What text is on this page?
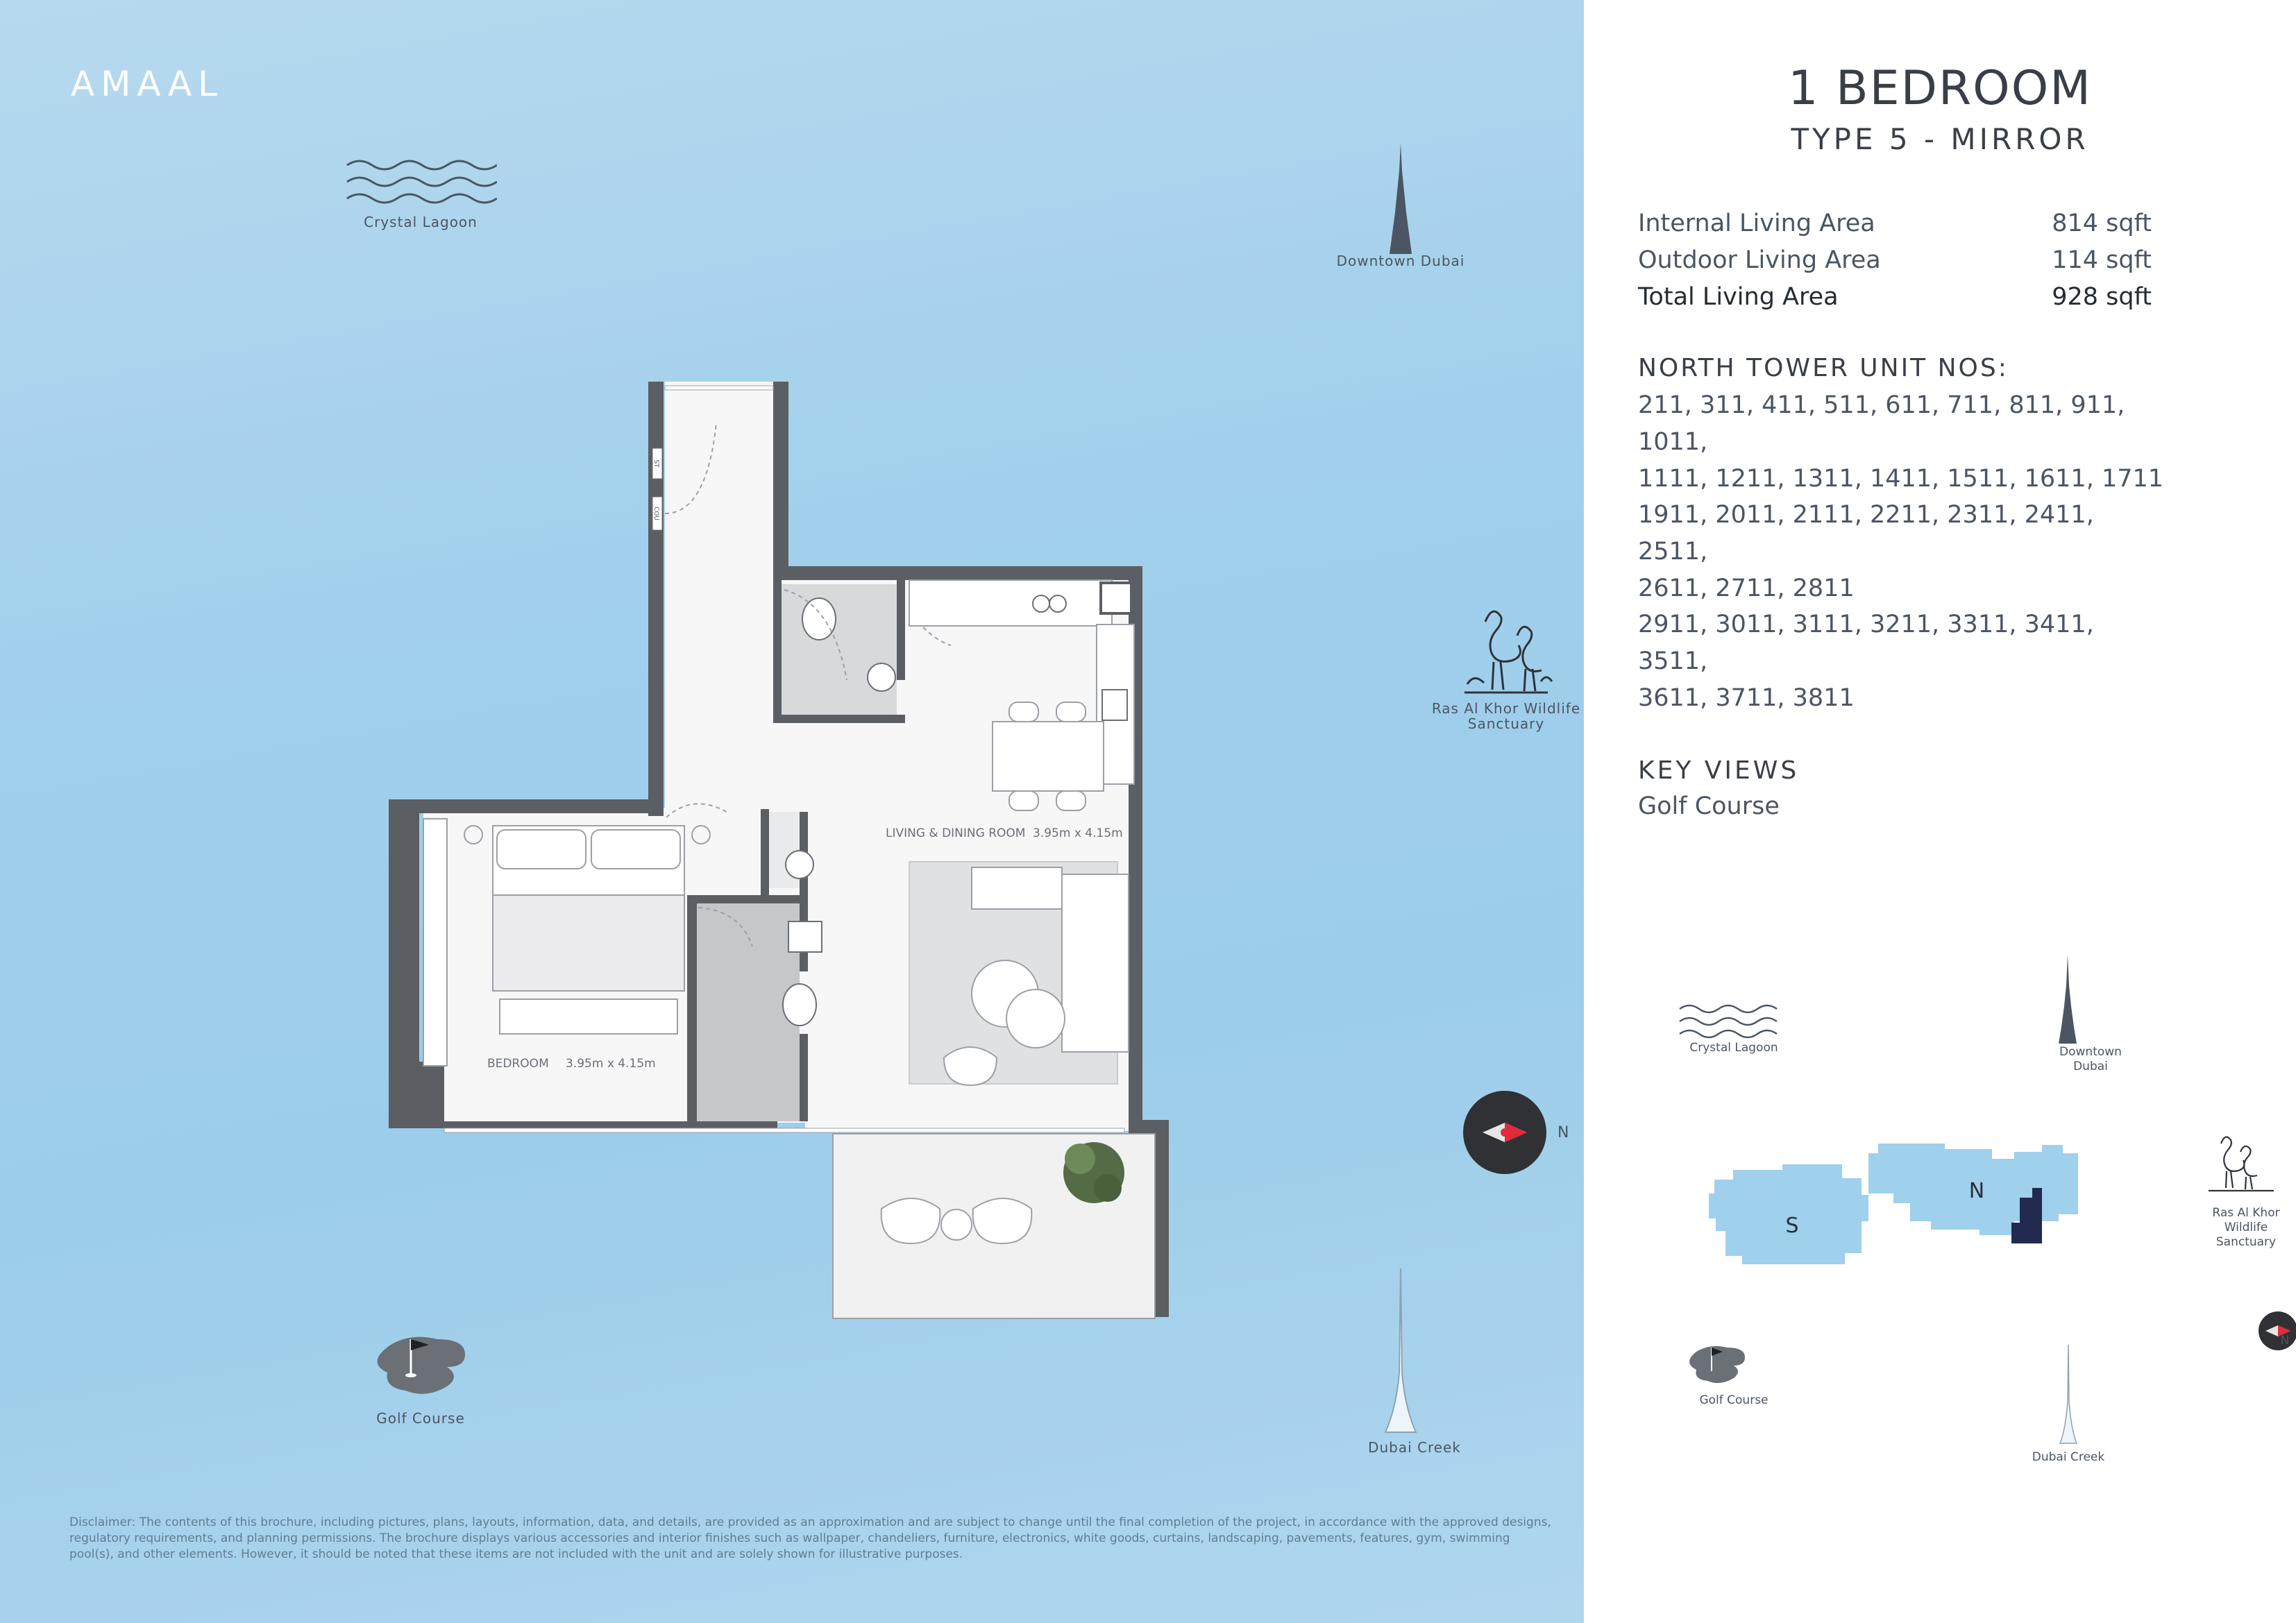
AMAAL
Crystal Lagoon
Downtown Dubai
Ras Al Khor Wildlife
Sanctuary
N
Golf Course
Dubai Creek
ST
COU
LIVING & DINING ROOM 3.95m x 4.15m
BEDROOM 3.95m x 4.15m
Disclaimer: The contents of this brochure, including pictures, plans, layouts, information, data, and details, are provided as an approximation and are subject to change until the final completion of the project, in accordance with the approved designs, regulatory requirements, and planning permissions. The brochure displays various accessories and interior finishes such as wallpaper, chandeliers, furniture, electronics, white goods, curtains, landscaping, pavements, features, gym, swimming pool(s), and other elements. However, it should be noted that these items are not included with the unit and are solely shown for illustrative purposes.
1 BEDROOM
TYPE 5 - MIRROR
S
N
Crystal Lagoon	Downtown
Dubai
Ras Al Khor
Wildlife
Sanctuary
Golf Course
Dubai Creek
N
Internal Living Area	814 sqft
Outdoor Living Area	114 sqft
Total Living Area	928 sqft
NORTH TOWER UNIT NOS:
211, 311, 411, 511, 611, 711, 811, 911, 1011,
1111, 1211, 1311, 1411, 1511, 1611, 1711
1911, 2011, 2111, 2211, 2311, 2411, 2511,
2611, 2711, 2811
2911, 3011, 3111, 3211, 3311, 3411, 3511,
3611, 3711, 3811
KEY VIEWS
Golf Course
